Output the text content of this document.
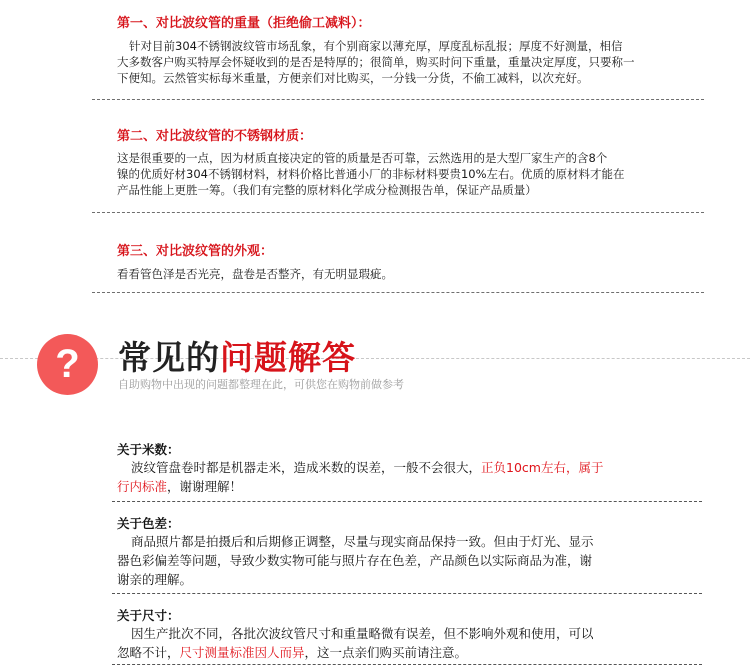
第一、对比波纹管的重量（拒绝偷工减料）：
针对目前304不锈钢波纹管市场乱象，有个别商家以薄充厚，厚度乱标乱报；厚度不好测量，相信
大多数客户购买特厚会怀疑收到的是否是特厚的；很简单，购买时问下重量，重量决定厚度，只要称一
下便知。云然管实标每米重量，方便亲们对比购买，一分钱一分货，不偷工减料，以次充好。
第二、对比波纹管的不锈钢材质：
这是很重要的一点，因为材质直接决定的管的质量是否可靠，云然选用的是大型厂家生产的含8个
镍的优质好材304不锈钢材料，材料价格比普通小厂的非标材料要贵10%左右。优质的原材料才能在
产品性能上更胜一筹。（我们有完整的原材料化学成分检测报告单，保证产品质量）
第三、对比波纹管的外观：
看看管色泽是否光亮，盘卷是否整齐，有无明显瑕疵。
?	常见的问题解答
自助购物中出现的问题都整理在此，可供您在购物前做参考
关于米数：
波纹管盘卷时都是机器走米，造成米数的误差，一般不会很大，正负10cm左右，属于
行内标准，谢谢理解！
关于色差：
商品照片都是拍摄后和后期修正调整，尽量与现实商品保持一致。但由于灯光、显示
器色彩偏差等问题，导致少数实物可能与照片存在色差，产品颜色以实际商品为准，谢
谢亲的理解。
关于尺寸：
因生产批次不同，各批次波纹管尺寸和重量略微有误差，但不影响外观和使用，可以
忽略不计，尺寸测量标准因人而异，这一点亲们购买前请注意。
